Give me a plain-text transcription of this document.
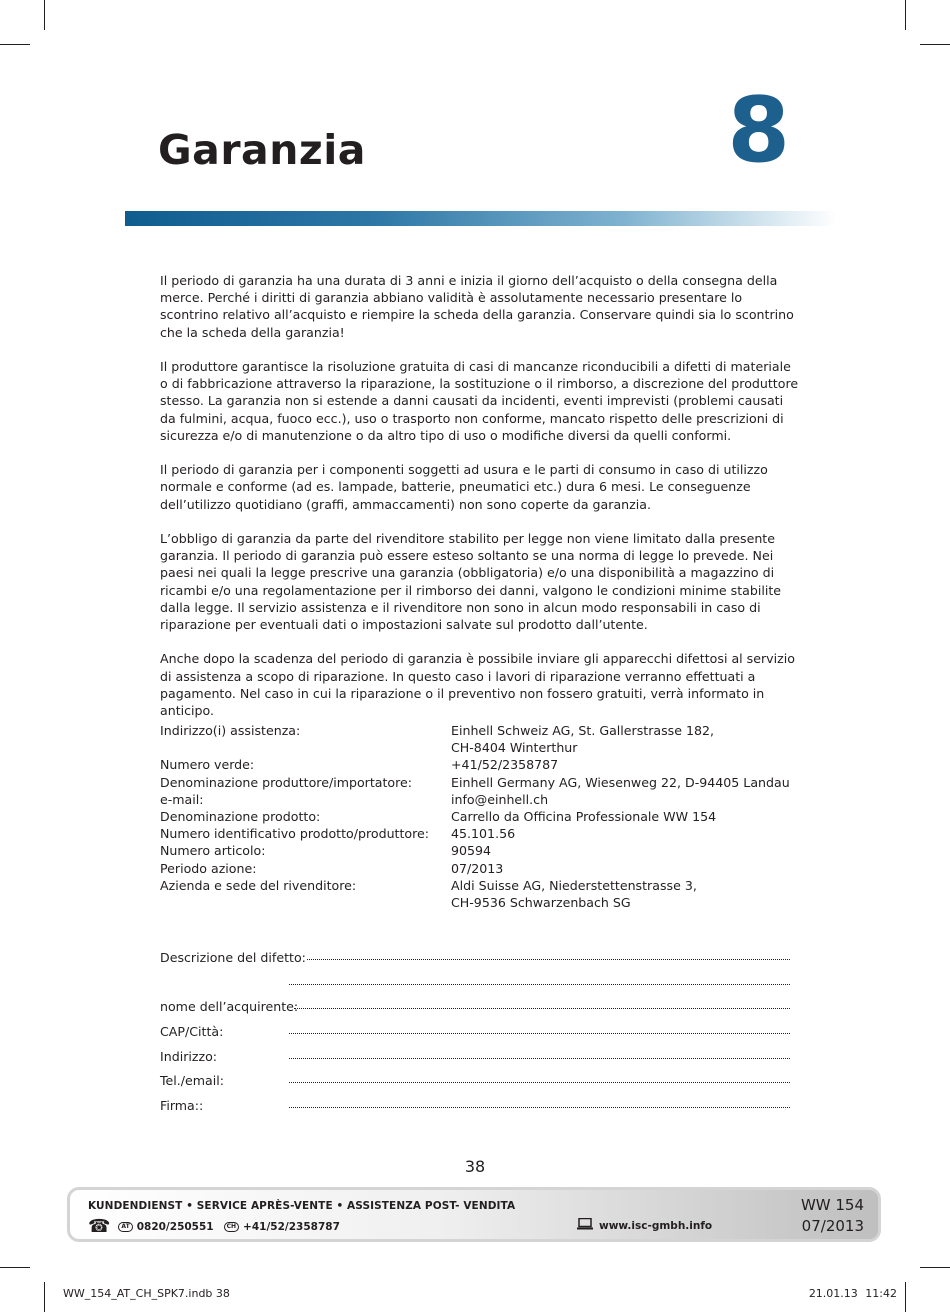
Garanzia	8

Il periodo di garanzia ha una durata di 3 anni e inizia il giorno dell’acquisto o della consegna della merce. Perché i diritti di garanzia abbiano validità è assolutamente necessario presentare lo scontrino relativo all’acquisto e riempire la scheda della garanzia. Conservare quindi sia lo scontrino che la scheda della garanzia!

Il produttore garantisce la risoluzione gratuita di casi di mancanze riconducibili a difetti di materiale o di fabbricazione attraverso la riparazione, la sostituzione o il rimborso, a discrezione del produttore stesso. La garanzia non si estende a danni causati da incidenti, eventi imprevisti (problemi causati da fulmini, acqua, fuoco ecc.), uso o trasporto non conforme, mancato rispetto delle prescrizioni di sicurezza e/o di manutenzione o da altro tipo di uso o modifiche diversi da quelli conformi.

Il periodo di garanzia per i componenti soggetti ad usura e le parti di consumo in caso di utilizzo normale e conforme (ad es. lampade, batterie, pneumatici etc.) dura 6 mesi. Le conseguenze dell’utilizzo quotidiano (graffi, ammaccamenti) non sono coperte da garanzia.

L’obbligo di garanzia da parte del rivenditore stabilito per legge non viene limitato dalla presente garanzia. Il periodo di garanzia può essere esteso soltanto se una norma di legge lo prevede. Nei paesi nei quali la legge prescrive una garanzia (obbligatoria) e/o una disponibilità a magazzino di ricambi e/o una regolamentazione per il rimborso dei danni, valgono le condizioni minime stabilite dalla legge. Il servizio assistenza e il rivenditore non sono in alcun modo responsabili in caso di riparazione per eventuali dati o impostazioni salvate sul prodotto dall’utente.

Anche dopo la scadenza del periodo di garanzia è possibile inviare gli apparecchi difettosi al servizio di assistenza a scopo di riparazione. In questo caso i lavori di riparazione verranno effettuati a pagamento. Nel caso in cui la riparazione o il preventivo non fossero gratuiti, verrà informato in anticipo.

Indirizzo(i) assistenza:	Einhell Schweiz AG, St. Gallerstrasse 182,
CH-8404 Winterthur
Numero verde:	+41/52/2358787
Denominazione produttore/importatore:	Einhell Germany AG, Wiesenweg 22, D-94405 Landau
e-mail:	info@einhell.ch
Denominazione prodotto:	Carrello da Officina Professionale WW 154
Numero identificativo prodotto/produttore:	45.101.56
Numero articolo:	90594
Periodo azione:	07/2013
Azienda e sede del rivenditore:	Aldi Suisse AG, Niederstettenstrasse 3,
CH-9536 Schwarzenbach SG
Descrizione del difetto:
nome dell’acquirente:
CAP/Città:
Indirizzo:
Tel./email:
Firma::
38
KUNDENDIENST • SERVICE APRÈS-VENTE • ASSISTENZA POST- VENDITA
☎	AT 0820/250551	CH +41/52/2358787	www.isc-gmbh.info
WW 154
07/2013
WW_154_AT_CH_SPK7.indb 38	21.01.13 11:42
